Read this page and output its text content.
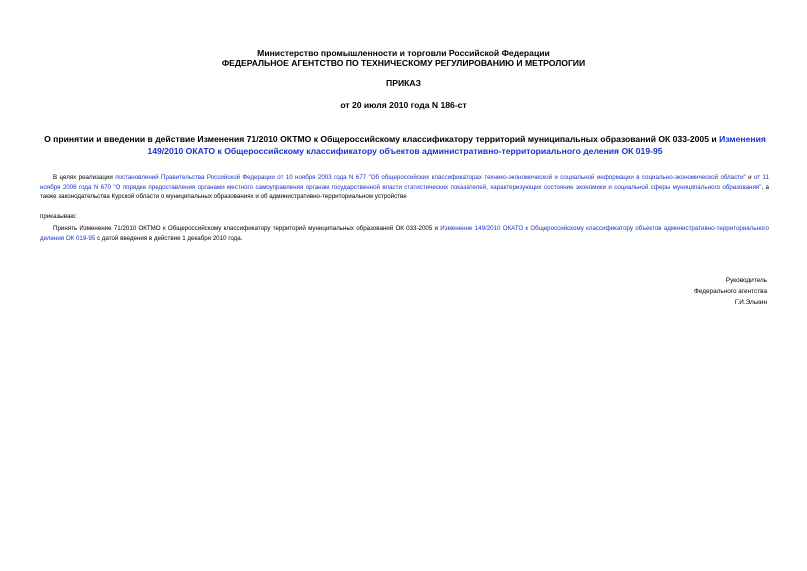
Министерство промышленности и торговли Российской Федерации
ФЕДЕРАЛЬНОЕ АГЕНТСТВО ПО ТЕХНИЧЕСКОМУ РЕГУЛИРОВАНИЮ И МЕТРОЛОГИИ
ПРИКАЗ
от 20 июля 2010 года N 186-ст
О принятии и введении в действие Изменения 71/2010 ОКТМО к Общероссийскому классификатору территорий муниципальных образований ОК 033-2005 и Изменения 149/2010 ОКАТО к Общероссийскому классификатору объектов административно-территориального деления ОК 019-95
В целях реализации постановлений Правительства Российской Федерации от 10 ноября 2003 года N 677 "Об общероссийских классификаторах технико-экономической и социальной информации в социально-экономической области" и от 11 ноября 2006 года N 670 "О порядке предоставления органами местного самоуправления органам государственной власти статистических показателей, характеризующих состояние экономики и социальной сферы муниципального образования", а также законодательства Курской области о муниципальных образованиях и об административно-территориальном устройстве
приказываю:
Принять Изменение 71/2010 ОКТМО к Общероссийскому классификатору территорий муниципальных образований ОК 033-2005 и Изменение 149/2010 ОКАТО к Общероссийскому классификатору объектов административно-территориального деления ОК 019-95 с датой введения в действие 1 декабря 2010 года.
Руководитель
Федерального агентства
Г.И.Элькин
